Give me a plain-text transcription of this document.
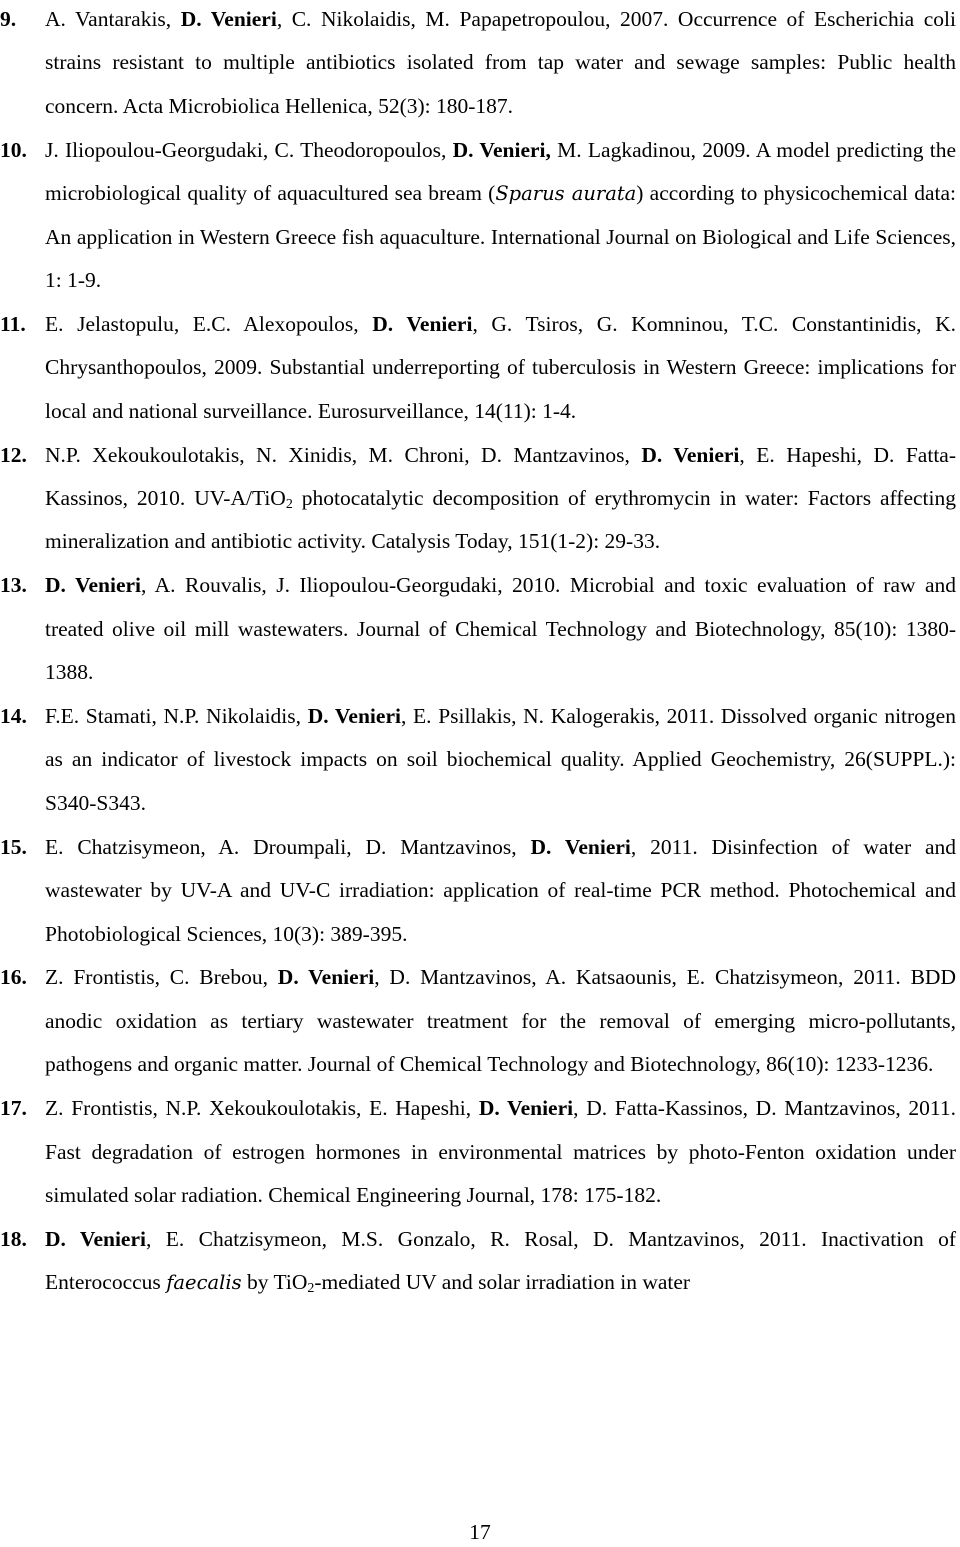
9. A. Vantarakis, D. Venieri, C. Nikolaidis, M. Papapetropoulou, 2007. Occurrence of Escherichia coli strains resistant to multiple antibiotics isolated from tap water and sewage samples: Public health concern. Acta Microbiolica Hellenica, 52(3): 180-187.
10. J. Iliopoulou-Georgudaki, C. Theodoropoulos, D. Venieri, M. Lagkadinou, 2009. A model predicting the microbiological quality of aquacultured sea bream (Sparus aurata) according to physicochemical data: An application in Western Greece fish aquaculture. International Journal on Biological and Life Sciences, 1: 1-9.
11. E. Jelastopulu, E.C. Alexopoulos, D. Venieri, G. Tsiros, G. Komninou, T.C. Constantinidis, K. Chrysanthopoulos, 2009. Substantial underreporting of tuberculosis in Western Greece: implications for local and national surveillance. Eurosurveillance, 14(11): 1-4.
12. N.P. Xekoukoulotakis, N. Xinidis, M. Chroni, D. Mantzavinos, D. Venieri, E. Hapeshi, D. Fatta-Kassinos, 2010. UV-A/TiO$_2$ photocatalytic decomposition of erythromycin in water: Factors affecting mineralization and antibiotic activity. Catalysis Today, 151(1-2): 29-33.
13. D. Venieri, A. Rouvalis, J. Iliopoulou-Georgudaki, 2010. Microbial and toxic evaluation of raw and treated olive oil mill wastewaters. Journal of Chemical Technology and Biotechnology, 85(10): 1380-1388.
14. F.E. Stamati, N.P. Nikolaidis, D. Venieri, E. Psillakis, N. Kalogerakis, 2011. Dissolved organic nitrogen as an indicator of livestock impacts on soil biochemical quality. Applied Geochemistry, 26(SUPPL.): S340-S343.
15. E. Chatzisymeon, A. Droumpali, D. Mantzavinos, D. Venieri, 2011. Disinfection of water and wastewater by UV-A and UV-C irradiation: application of real-time PCR method. Photochemical and Photobiological Sciences, 10(3): 389-395.
16. Z. Frontistis, C. Brebou, D. Venieri, D. Mantzavinos, A. Katsaounis, E. Chatzisymeon, 2011. BDD anodic oxidation as tertiary wastewater treatment for the removal of emerging micro-pollutants, pathogens and organic matter. Journal of Chemical Technology and Biotechnology, 86(10): 1233-1236.
17. Z. Frontistis, N.P. Xekoukoulotakis, E. Hapeshi, D. Venieri, D. Fatta-Kassinos, D. Mantzavinos, 2011. Fast degradation of estrogen hormones in environmental matrices by photo-Fenton oxidation under simulated solar radiation. Chemical Engineering Journal, 178: 175-182.
18. D. Venieri, E. Chatzisymeon, M.S. Gonzalo, R. Rosal, D. Mantzavinos, 2011. Inactivation of Enterococcus faecalis by TiO$_2$-mediated UV and solar irradiation in water
17
